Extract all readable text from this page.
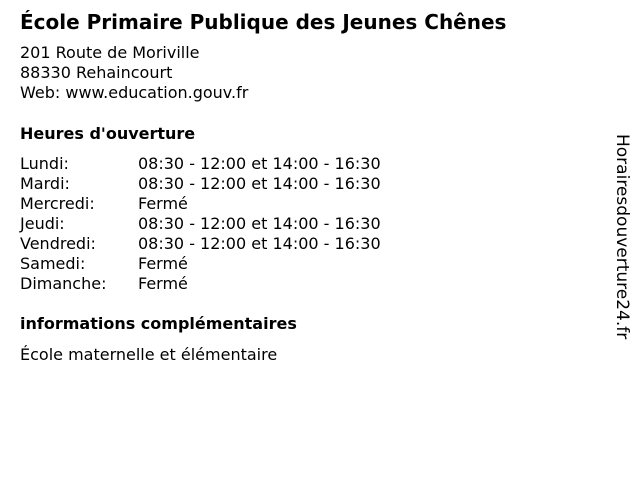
École Primaire Publique des Jeunes Chênes
201 Route de Moriville
88330 Rehaincourt
Web: www.education.gouv.fr
Heures d'ouverture
Lundi:	08:30 - 12:00 et 14:00 - 16:30
Mardi:	08:30 - 12:00 et 14:00 - 16:30
Mercredi:	Fermé
Jeudi:	08:30 - 12:00 et 14:00 - 16:30
Vendredi:	08:30 - 12:00 et 14:00 - 16:30
Samedi:	Fermé
Dimanche:	Fermé
informations complémentaires
École maternelle et élémentaire
Horairesdouverture24.fr
